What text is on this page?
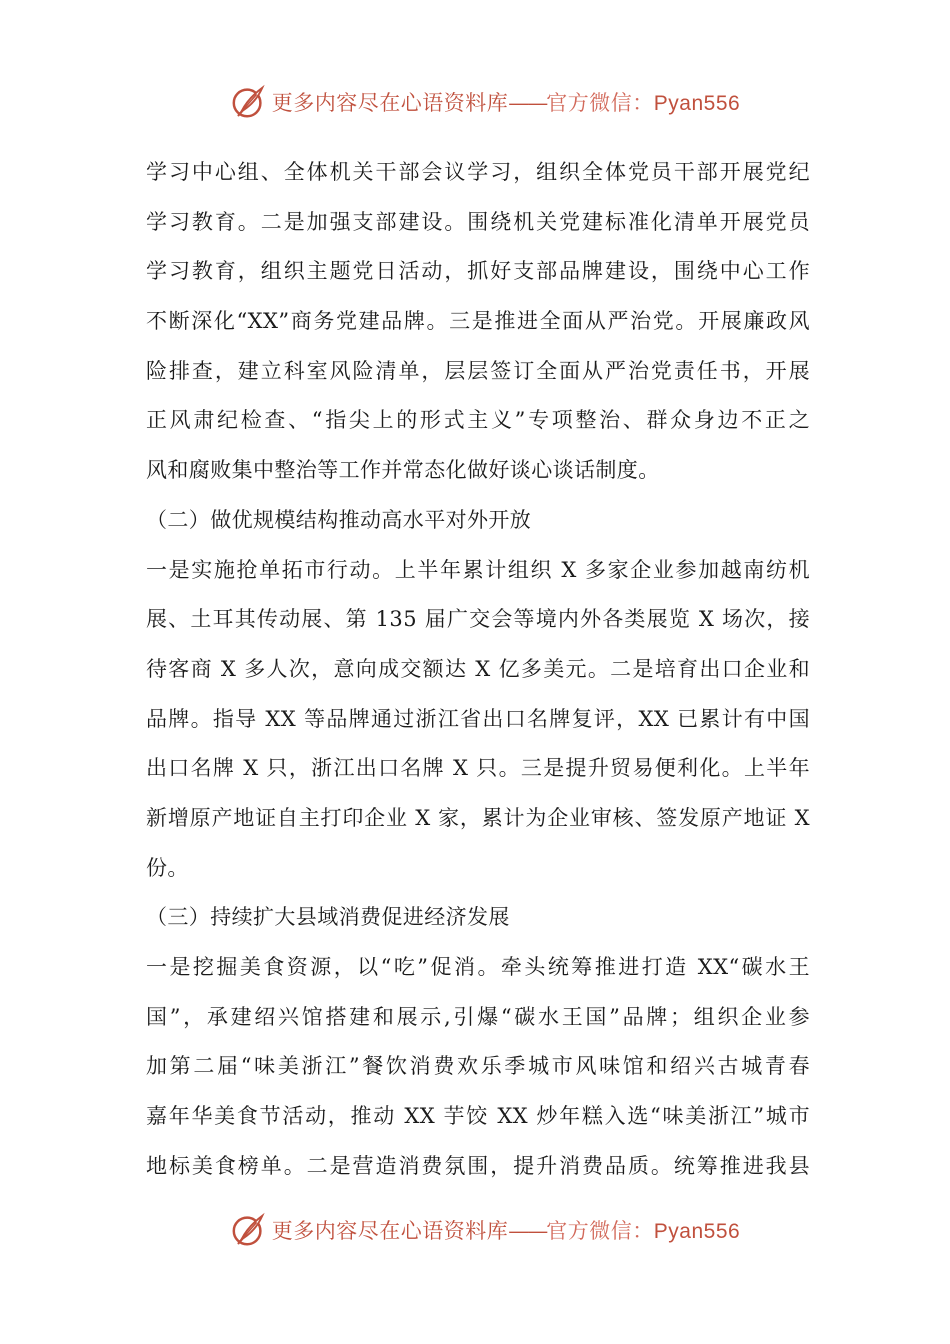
更多内容尽在心语资料库——官方微信：Pyan556
学习中心组、全体机关干部会议学习，组织全体党员干部开展党纪
学习教育。二是加强支部建设。围绕机关党建标准化清单开展党员
学习教育，组织主题党日活动，抓好支部品牌建设，围绕中心工作
不断深化“XX”商务党建品牌。三是推进全面从严治党。开展廉政风
险排查，建立科室风险清单，层层签订全面从严治党责任书，开展
正风肃纪检查、“指尖上的形式主义”专项整治、群众身边不正之
风和腐败集中整治等工作并常态化做好谈心谈话制度。
（二）做优规模结构推动高水平对外开放
一是实施抢单拓市行动。上半年累计组织 X 多家企业参加越南纺机
展、土耳其传动展、第 135 届广交会等境内外各类展览 X 场次，接
待客商 X 多人次，意向成交额达 X 亿多美元。二是培育出口企业和
品牌。指导 XX 等品牌通过浙江省出口名牌复评，XX 已累计有中国
出口名牌 X 只，浙江出口名牌 X 只。三是提升贸易便利化。上半年
新增原产地证自主打印企业 X 家，累计为企业审核、签发原产地证 X
份。
（三）持续扩大县域消费促进经济发展
一是挖掘美食资源，以“吃”促消。牵头统筹推进打造 XX“碳水王
国”，承建绍兴馆搭建和展示,引爆“碳水王国”品牌；组织企业参
加第二届“味美浙江”餐饮消费欢乐季城市风味馆和绍兴古城青春
嘉年华美食节活动，推动 XX 芋饺 XX 炒年糕入选“味美浙江”城市
地标美食榜单。二是营造消费氛围，提升消费品质。统筹推进我县
更多内容尽在心语资料库——官方微信：Pyan556
